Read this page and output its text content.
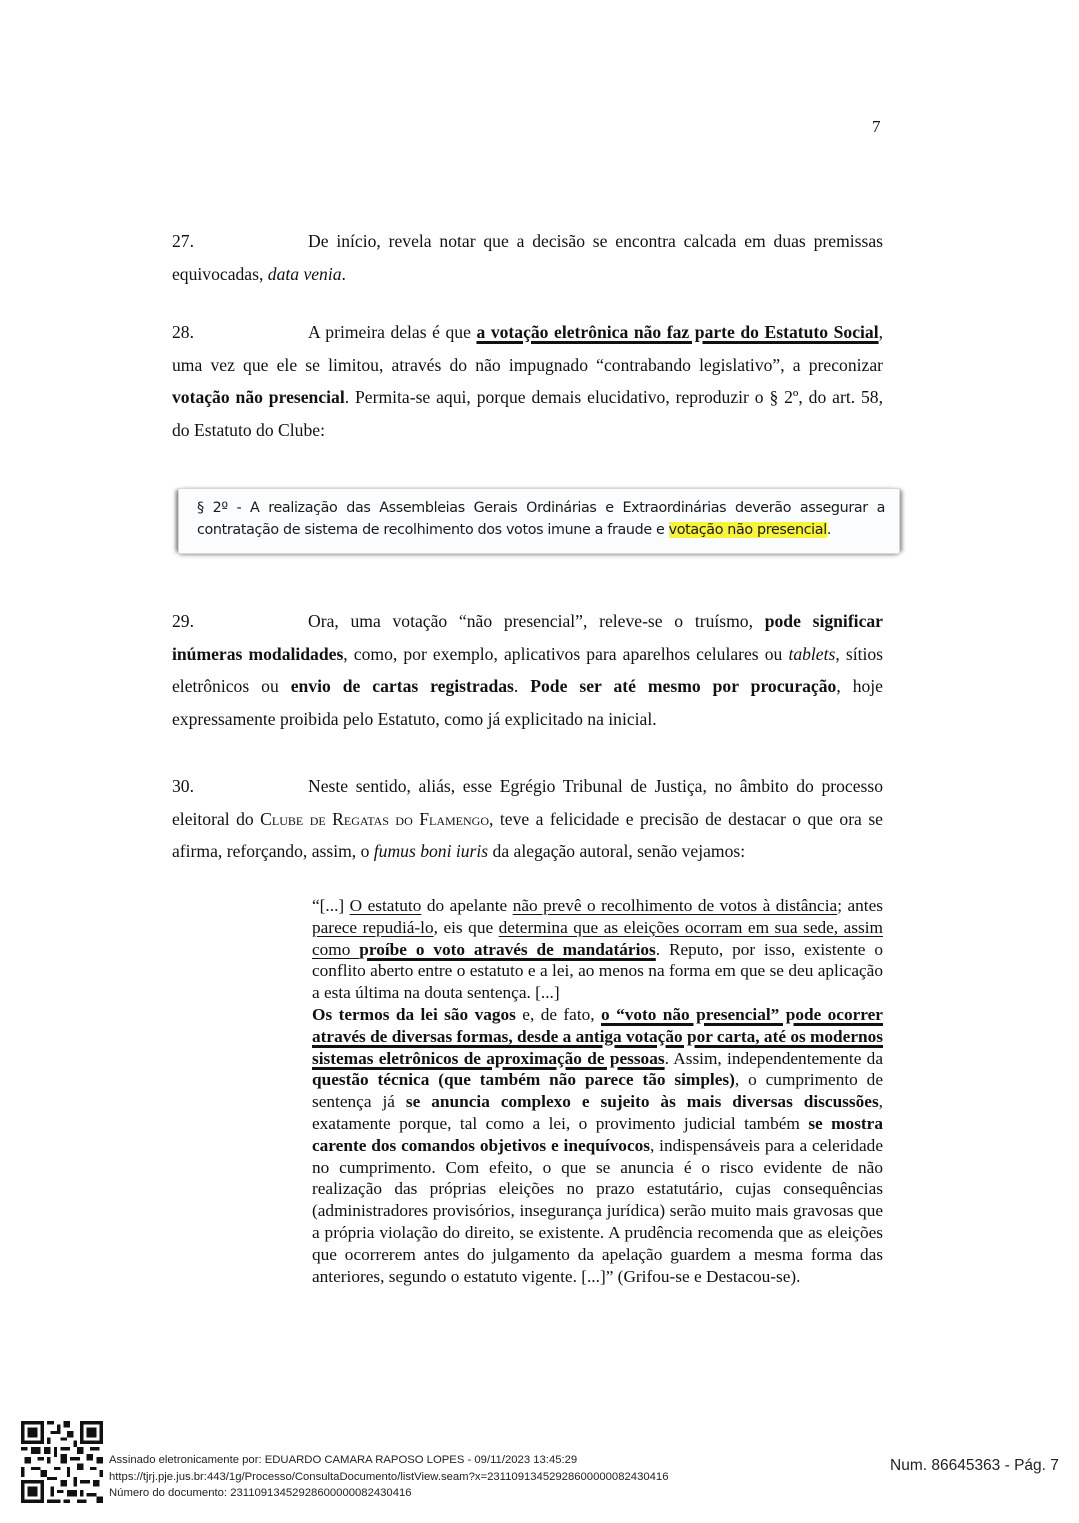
7
27.	De início, revela notar que a decisão se encontra calcada em duas premissas equivocadas, data venia.
28.	A primeira delas é que a votação eletrônica não faz parte do Estatuto Social, uma vez que ele se limitou, através do não impugnado “contrabando legislativo”, a preconizar votação não presencial. Permita-se aqui, porque demais elucidativo, reproduzir o § 2º, do art. 58, do Estatuto do Clube:
§ 2º - A realização das Assembleias Gerais Ordinárias e Extraordinárias deverão assegurar a contratação de sistema de recolhimento dos votos imune a fraude e votação não presencial.
29.	Ora, uma votação “não presencial”, releve-se o truísmo, pode significar inúmeras modalidades, como, por exemplo, aplicativos para aparelhos celulares ou tablets, sítios eletrônicos ou envio de cartas registradas. Pode ser até mesmo por procuração, hoje expressamente proibida pelo Estatuto, como já explicitado na inicial.
30.	Neste sentido, aliás, esse Egrégio Tribunal de Justiça, no âmbito do processo eleitoral do Clube de Regatas do Flamengo, teve a felicidade e precisão de destacar o que ora se afirma, reforçando, assim, o fumus boni iuris da alegação autoral, senão vejamos:
“[...] O estatuto do apelante não prevê o recolhimento de votos à distância; antes parece repudiá-lo, eis que determina que as eleições ocorram em sua sede, assim como proíbe o voto através de mandatários. Reputo, por isso, existente o conflito aberto entre o estatuto e a lei, ao menos na forma em que se deu aplicação a esta última na douta sentença. [...]
Os termos da lei são vagos e, de fato, o “voto não presencial” pode ocorrer através de diversas formas, desde a antiga votação por carta, até os modernos sistemas eletrônicos de aproximação de pessoas. Assim, independentemente da questão técnica (que também não parece tão simples), o cumprimento de sentença já se anuncia complexo e sujeito às mais diversas discussões, exatamente porque, tal como a lei, o provimento judicial também se mostra carente dos comandos objetivos e inequívocos, indispensáveis para a celeridade no cumprimento. Com efeito, o que se anuncia é o risco evidente de não realização das próprias eleições no prazo estatutário, cujas consequências (administradores provisórios, insegurança jurídica) serão muito mais gravosas que a própria violação do direito, se existente. A prudência recomenda que as eleições que ocorrerem antes do julgamento da apelação guardem a mesma forma das anteriores, segundo o estatuto vigente. [...]” (Grifou-se e Destacou-se).
Assinado eletronicamente por: EDUARDO CAMARA RAPOSO LOPES - 09/11/2023 13:45:29
https://tjrj.pje.jus.br:443/1g/Processo/ConsultaDocumento/listView.seam?x=23110913452928600000082430416
Número do documento: 23110913452928600000082430416
Num. 86645363 - Pág. 7
